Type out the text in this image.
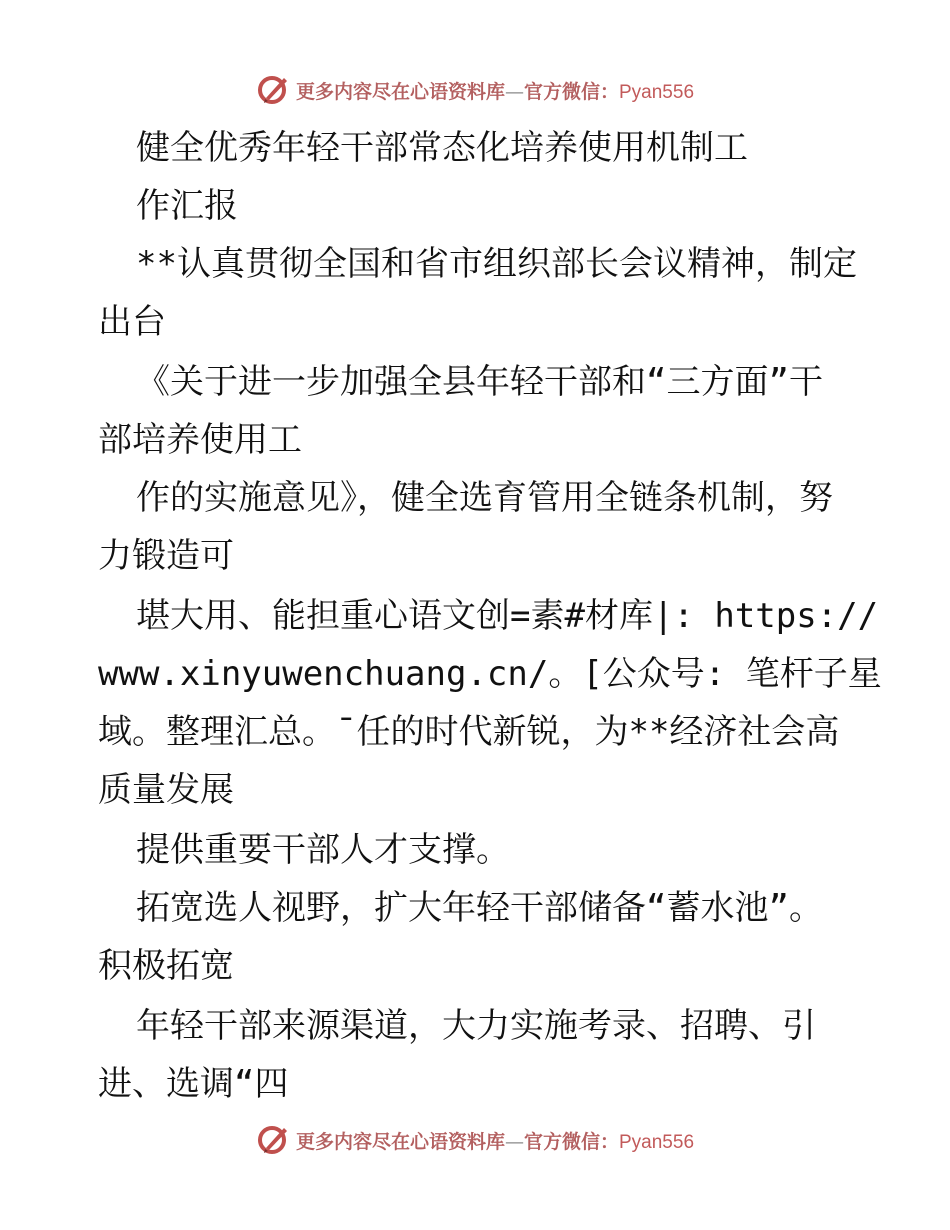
更多内容尽在心语资料库—官方微信：Pyan556
健全优秀年轻干部常态化培养使用机制工
作汇报
**认真贯彻全国和省市组织部长会议精神，制定
出台
《关于进一步加强全县年轻干部和“三方面”干
部培养使用工
作的实施意见》，健全选育管用全链条机制，努
力锻造可
堪大用、能担重心语文创=素#材库|: https://
www.xinyuwenchuang.cn/。[公众号: 笔杆子星
域。整理汇总。¯任的时代新锐，为**经济社会高
质量发展
提供重要干部人才支撑。
拓宽选人视野，扩大年轻干部储备“蓄水池”。
积极拓宽
年轻干部来源渠道，大力实施考录、招聘、引
进、选调“四
更多内容尽在心语资料库—官方微信：Pyan556
